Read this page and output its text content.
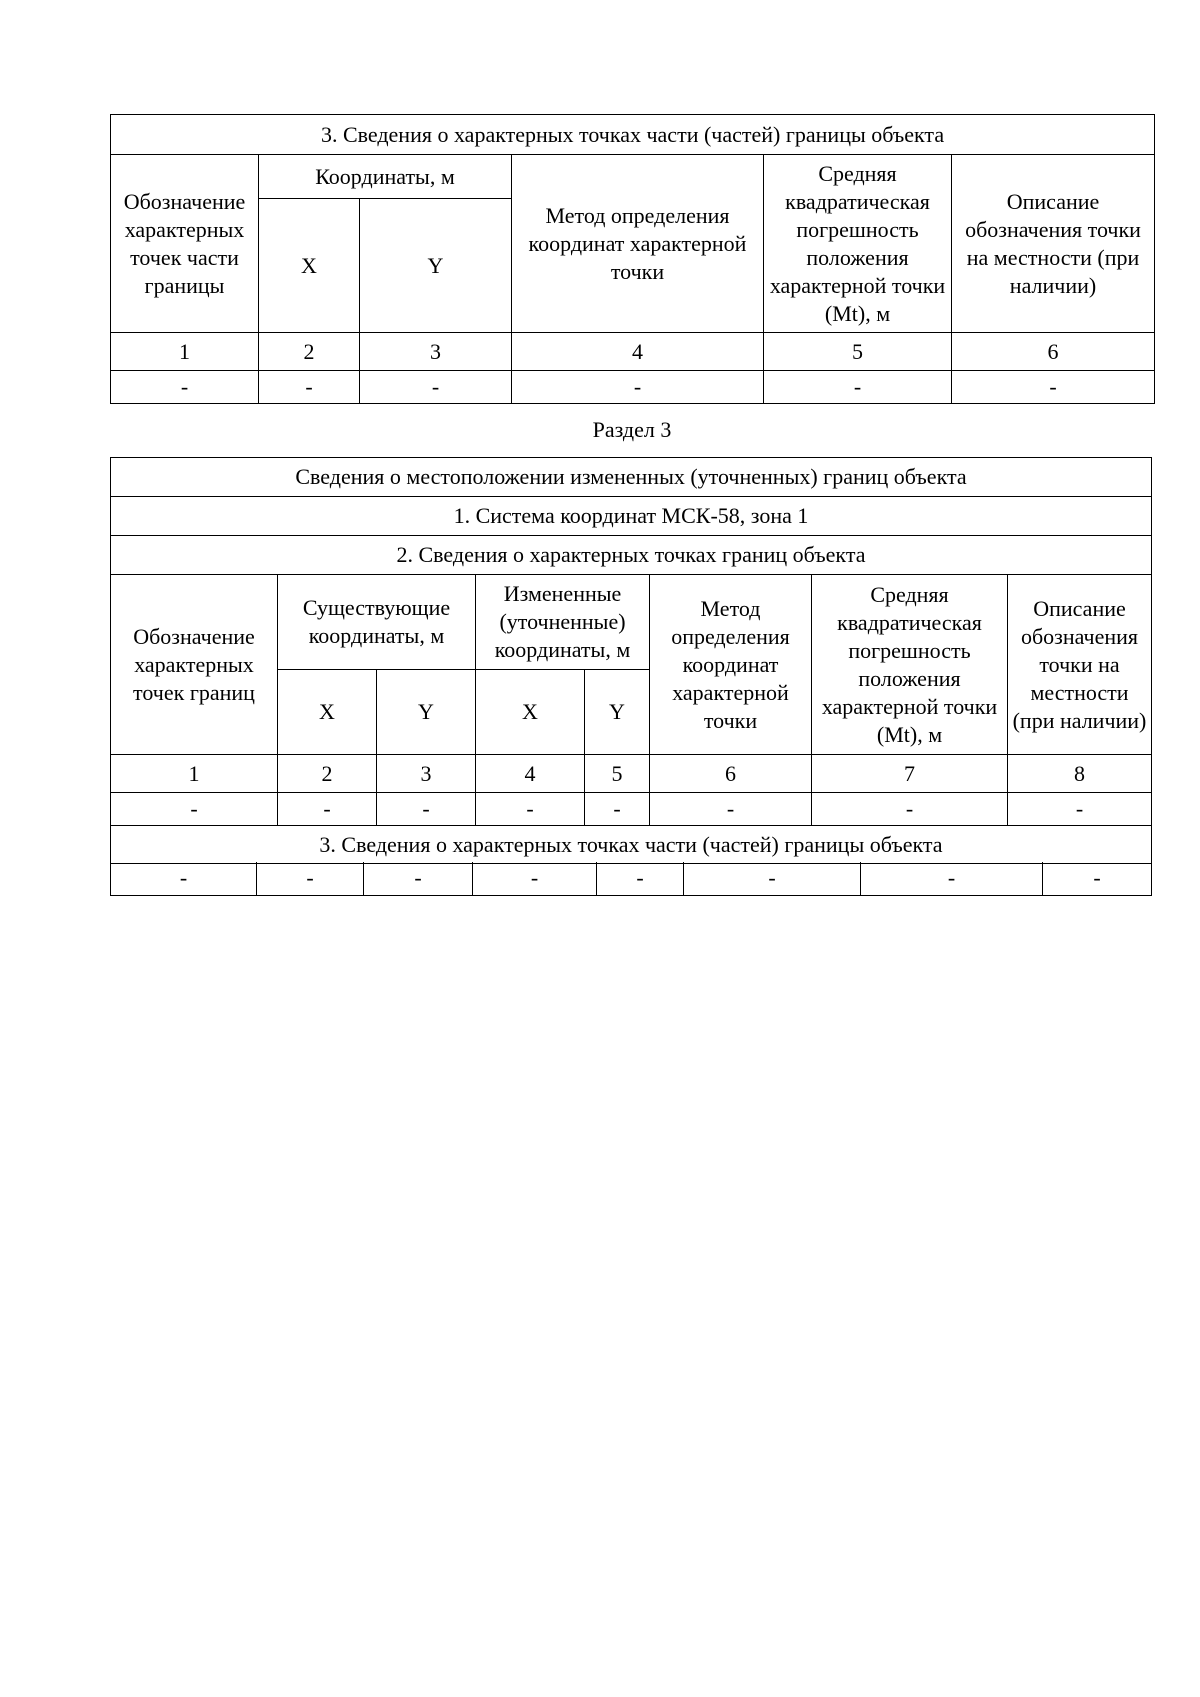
3. Сведения о характерных точках части (частей) границы объекта					
Обозначение характерных точек части границы	Координаты, м		Метод определения координат характерной точки	Средняя квадратическая погрешность положения характерной точки (Mt), м	Описание обозначения точки на местности (при наличии)
	X	Y			
1	2	3	4	5	6
-	-	-	-	-	-
Раздел 3
Сведения о местоположении измененных (уточненных) границ объекта							
1. Система координат МСК-58, зона 1							
2. Сведения о характерных точках границ объекта							
Обозначение характерных точек границ	Существующие координаты, м		Измененные (уточненные) координаты, м		Метод определения координат характерной точки	Средняя квадратическая погрешность положения характерной точки (Mt), м	Описание обозначения точки на местности (при наличии)
	X	Y	X	Y			
1	2	3	4	5	6	7	8
-	-	-	-	-	-	-	-
3. Сведения о характерных точках части (частей) границы объекта							
-	-	-	-	-	-	-	-
